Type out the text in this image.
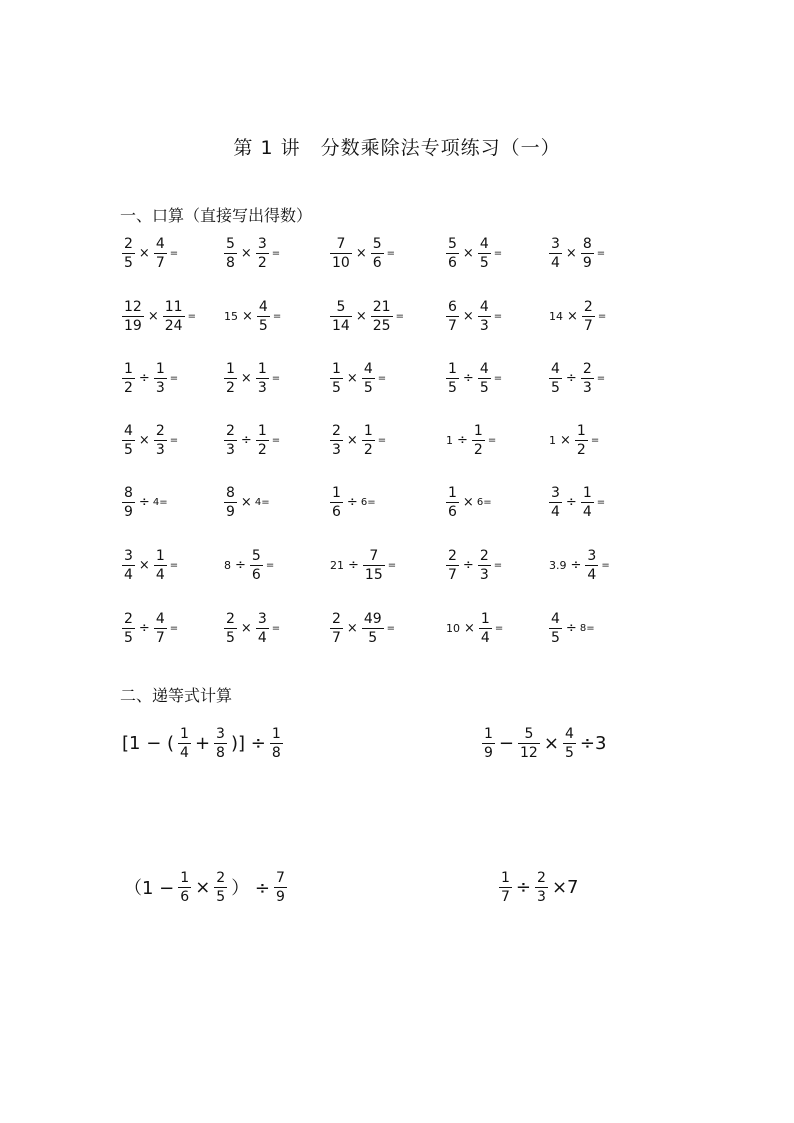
第 1 讲　分数乘除法专项练习（一）
一、口算（直接写出得数）
$\frac{2}{5} \times \frac{4}{7}$ =	$\frac{5}{8} \times \frac{3}{2}$ =	$\frac{7}{10} \times \frac{5}{6}$ =	$\frac{5}{6} \times \frac{4}{5}$ =	$\frac{3}{4} \times \frac{8}{9}$ =
$\frac{12}{19} \times \frac{11}{24}$ =	$15 \times \frac{4}{5}$ =	$\frac{5}{14} \times \frac{21}{25}$ =	$\frac{6}{7} \times \frac{4}{3}$ =	$14 \times \frac{2}{7}$ =
$\frac{1}{2} \div \frac{1}{3}$ =	$\frac{1}{2} \times \frac{1}{3}$ =	$\frac{1}{5} \times \frac{4}{5}$ =	$\frac{1}{5} \div \frac{4}{5}$ =	$\frac{4}{5} \div \frac{2}{3}$ =
$\frac{4}{5} \times \frac{2}{3}$ =	$\frac{2}{3} \div \frac{1}{2}$ =	$\frac{2}{3} \times \frac{1}{2}$ =	$1 \div \frac{1}{2}$ =	$1 \times \frac{1}{2}$ =
$\frac{8}{9} \div 4=$	$\frac{8}{9} \times 4=$	$\frac{1}{6} \div 6=$	$\frac{1}{6} \times 6=$	$\frac{3}{4} \div \frac{1}{4}$ =
$\frac{3}{4} \times \frac{1}{4}$ =	$8 \div \frac{5}{6}$ =	$21 \div \frac{7}{15}$ =	$\frac{2}{7} \div \frac{2}{3}$ =	$3.9 \div \frac{3}{4}$ =
$\frac{2}{5} \div \frac{4}{7}$ =	$\frac{2}{5} \times \frac{3}{4}$ =	$\frac{2}{7} \times \frac{49}{5}$ =	$10 \times \frac{1}{4}$ =	$\frac{4}{5} \div 8=$
二、递等式计算
[1 − ( $\frac{1}{4} + \frac{3}{8}$ )] ÷ $\frac{1}{8}$	$\frac{1}{9} - \frac{5}{12} \times \frac{4}{5} \div 3$
（$1 - \frac{1}{6} \times \frac{2}{5}$ ） ÷ $\frac{7}{9}$	$\frac{1}{7} \div \frac{2}{3} \times 7$
